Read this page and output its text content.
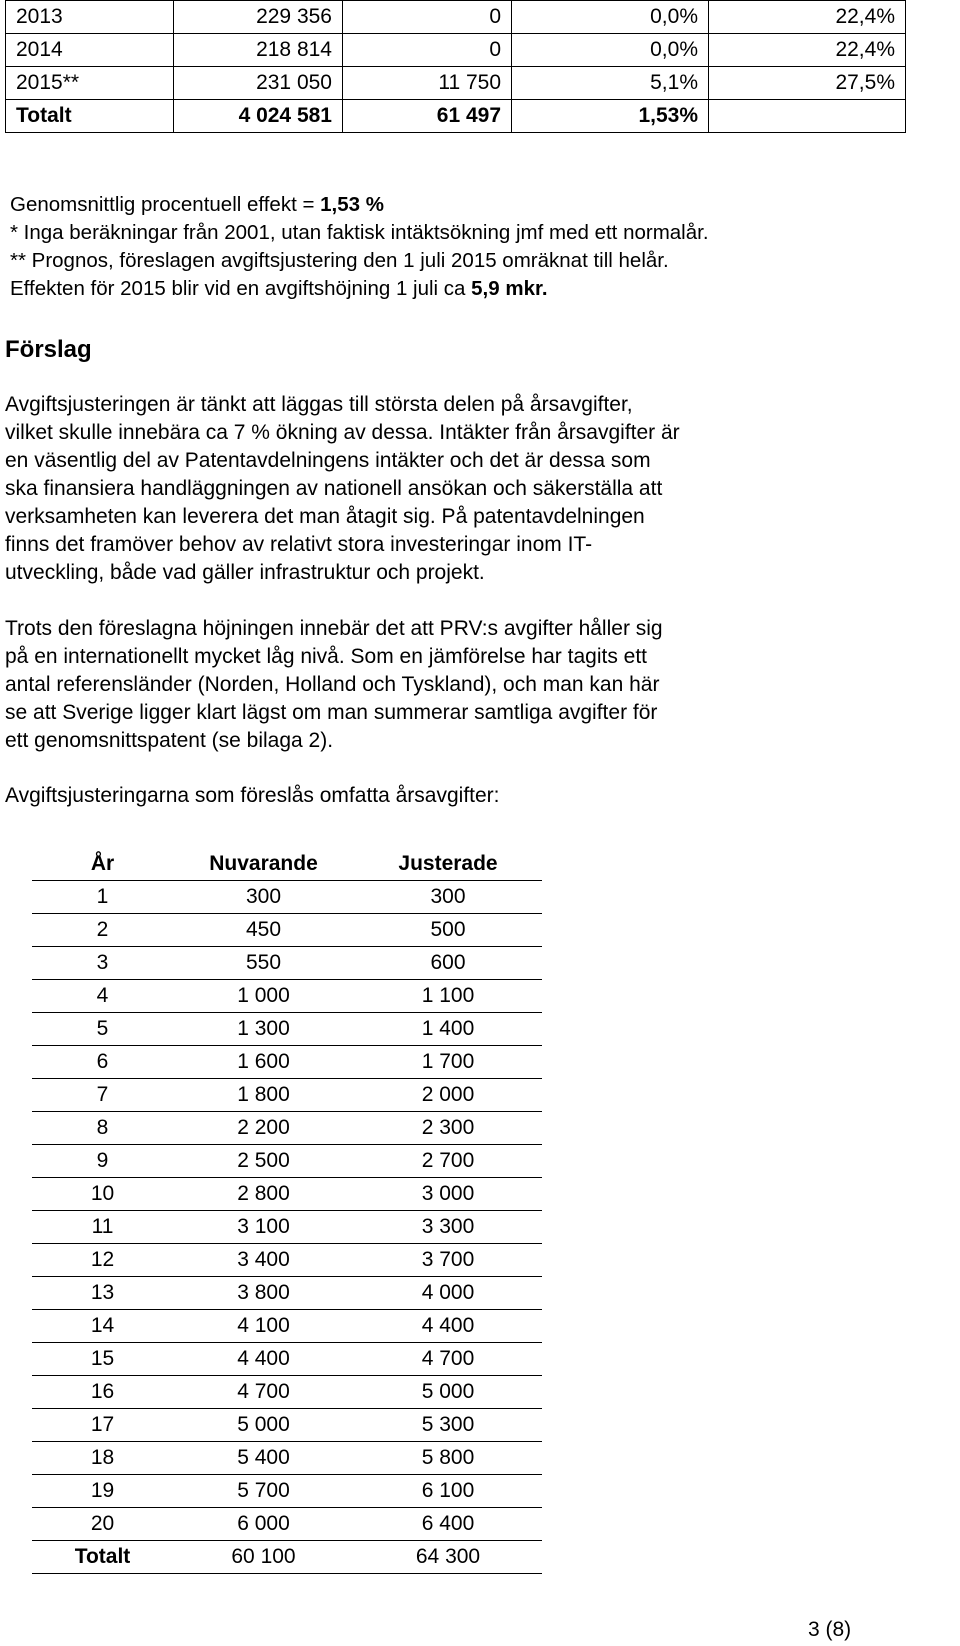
2013	229 356	0	0,0%	22,4%
2014	218 814	0	0,0%	22,4%
2015**	231 050	11 750	5,1%	27,5%
Totalt	4 024 581	61 497	1,53%	
Genomsnittlig procentuell effekt = 1,53 %
* Inga beräkningar från 2001, utan faktisk intäktsökning jmf med ett normalår.
** Prognos, föreslagen avgiftsjustering den 1 juli 2015 omräknat till helår.
Effekten för 2015 blir vid en avgiftshöjning 1 juli ca 5,9 mkr.
Förslag
Avgiftsjusteringen är tänkt att läggas till största delen på årsavgifter,
vilket skulle innebära ca 7 % ökning av dessa. Intäkter från årsavgifter är
en väsentlig del av Patentavdelningens intäkter och det är dessa som
ska finansiera handläggningen av nationell ansökan och säkerställa att
verksamheten kan leverera det man åtagit sig. På patentavdelningen
finns det framöver behov av relativt stora investeringar inom IT-
utveckling, både vad gäller infrastruktur och projekt.
Trots den föreslagna höjningen innebär det att PRV:s avgifter håller sig
på en internationellt mycket låg nivå. Som en jämförelse har tagits ett
antal referensländer (Norden, Holland och Tyskland), och man kan här
se att Sverige ligger klart lägst om man summerar samtliga avgifter för
ett genomsnittspatent (se bilaga 2).
Avgiftsjusteringarna som föreslås omfatta årsavgifter:
År	Nuvarande	Justerade
1	300	300
2	450	500
3	550	600
4	1 000	1 100
5	1 300	1 400
6	1 600	1 700
7	1 800	2 000
8	2 200	2 300
9	2 500	2 700
10	2 800	3 000
11	3 100	3 300
12	3 400	3 700
13	3 800	4 000
14	4 100	4 400
15	4 400	4 700
16	4 700	5 000
17	5 000	5 300
18	5 400	5 800
19	5 700	6 100
20	6 000	6 400
Totalt	60 100	64 300
3 (8)
